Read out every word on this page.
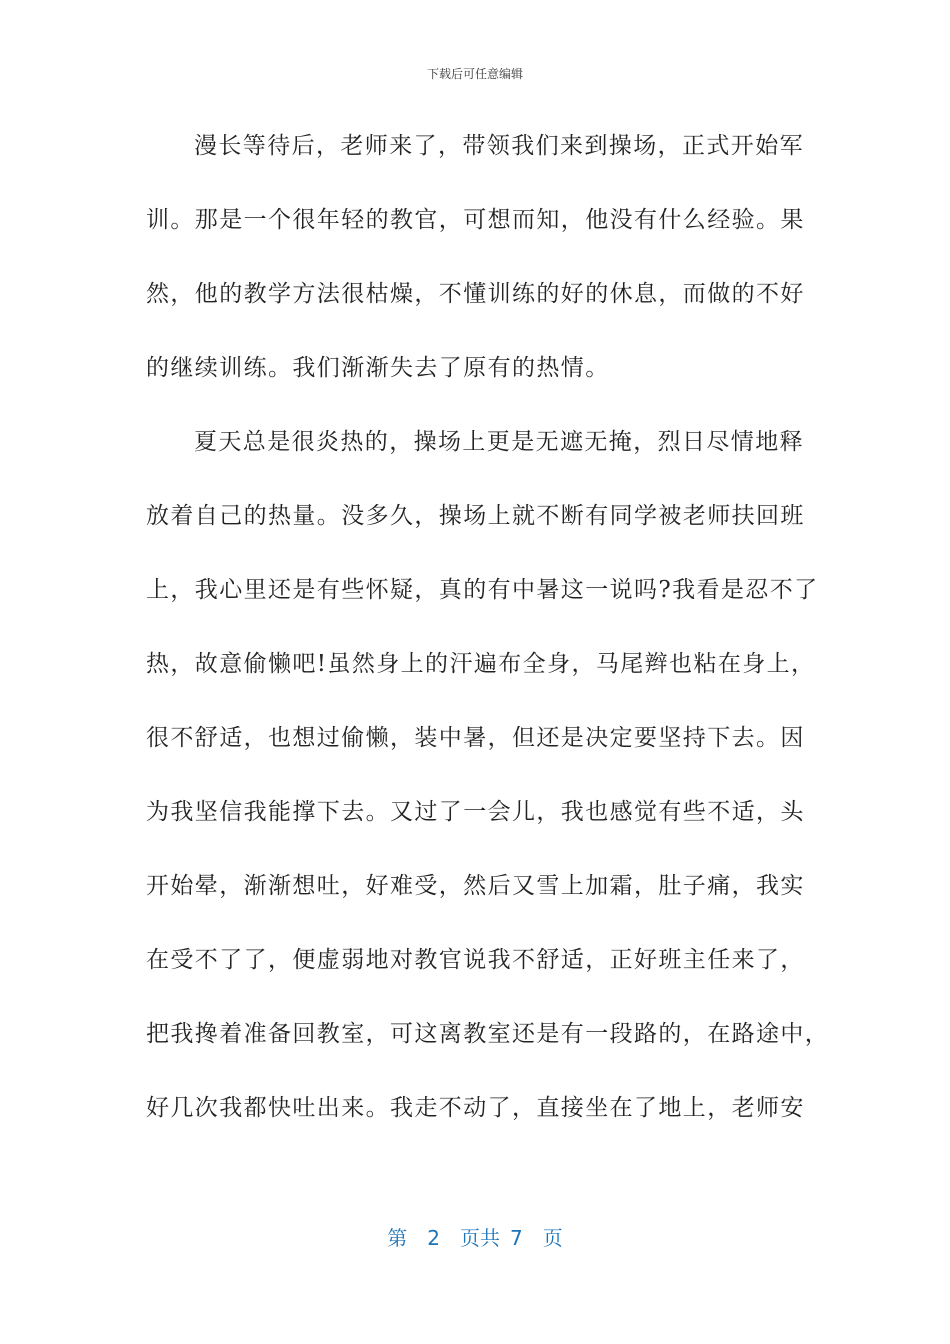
下载后可任意编辑
漫长等待后，老师来了，带领我们来到操场，正式开始军
训。那是一个很年轻的教官，可想而知，他没有什么经验。果
然，他的教学方法很枯燥，不懂训练的好的休息，而做的不好
的继续训练。我们渐渐失去了原有的热情。
夏天总是很炎热的，操场上更是无遮无掩，烈日尽情地释
放着自己的热量。没多久，操场上就不断有同学被老师扶回班
上，我心里还是有些怀疑，真的有中暑这一说吗?我看是忍不了
热，故意偷懒吧!虽然身上的汗遍布全身，马尾辫也粘在身上，
很不舒适，也想过偷懒，装中暑，但还是决定要坚持下去。因
为我坚信我能撑下去。又过了一会儿，我也感觉有些不适，头
开始晕，渐渐想吐，好难受，然后又雪上加霜，肚子痛，我实
在受不了了，便虚弱地对教官说我不舒适，正好班主任来了，
把我搀着准备回教室，可这离教室还是有一段路的，在路途中，
好几次我都快吐出来。我走不动了，直接坐在了地上，老师安
第 2 页共 7 页
